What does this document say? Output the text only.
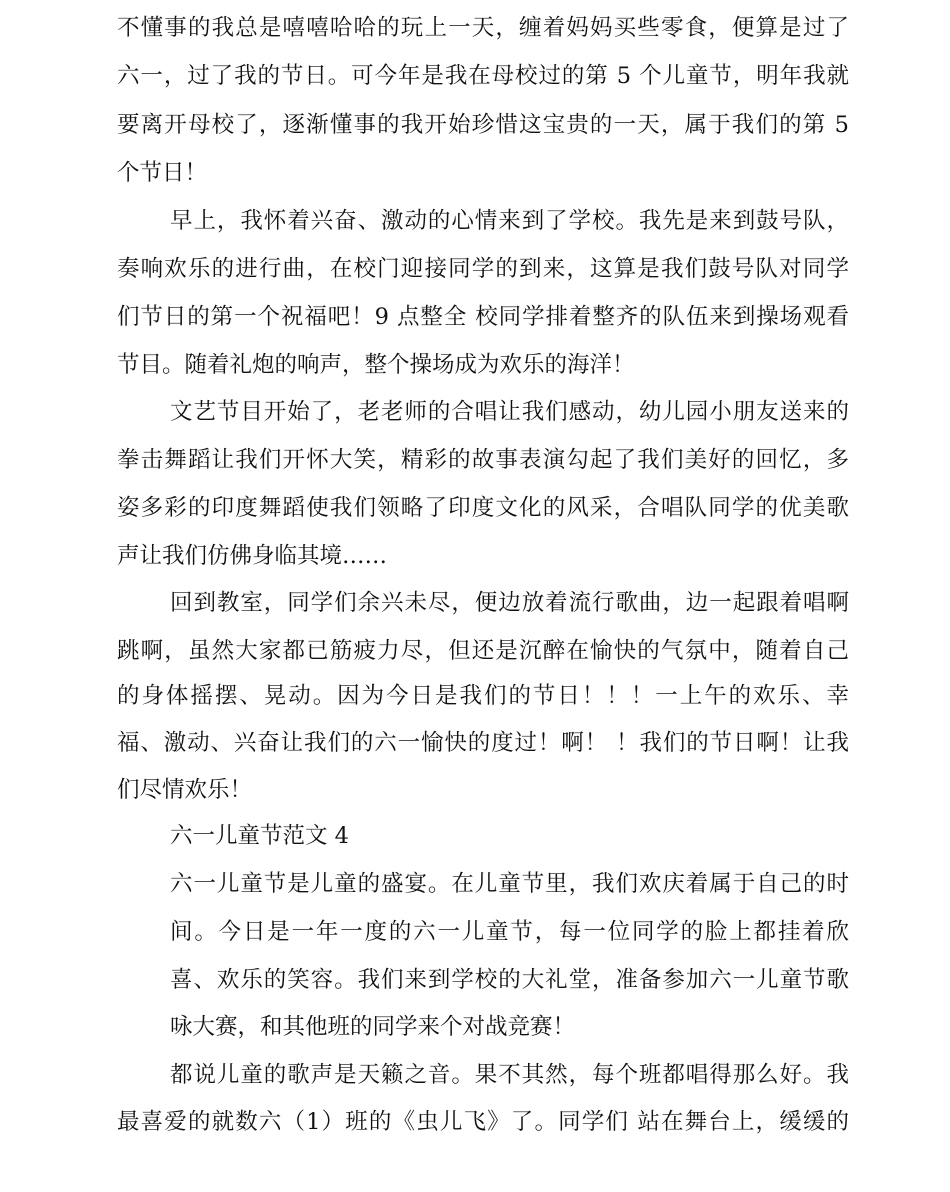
不懂事的我总是嘻嘻哈哈的玩上一天，缠着妈妈买些零食，便算是过了
六一，过了我的节日。可今年是我在母校过的第 5 个儿童节，明年我就
要离开母校了，逐渐懂事的我开始珍惜这宝贵的一天，属于我们的第 5
个节日！
早上，我怀着兴奋、激动的心情来到了学校。我先是来到鼓号队，
奏响欢乐的进行曲，在校门迎接同学的到来，这算是我们鼓号队对同学
们节日的第一个祝福吧！9 点整全 校同学排着整齐的队伍来到操场观看
节目。随着礼炮的响声，整个操场成为欢乐的海洋！
文艺节目开始了，老老师的合唱让我们感动，幼儿园小朋友送来的
拳击舞蹈让我们开怀大笑，精彩的故事表演勾起了我们美好的回忆，多
姿多彩的印度舞蹈使我们领略了印度文化的风采，合唱队同学的优美歌
声让我们仿佛身临其境……
回到教室，同学们余兴未尽，便边放着流行歌曲，边一起跟着唱啊
跳啊，虽然大家都已筋疲力尽，但还是沉醉在愉快的气氛中，随着自己
的身体摇摆、晃动。因为今日是我们的节日！！！一上午的欢乐、幸
福、激动、兴奋让我们的六一愉快的度过！啊！ ！我们的节日啊！让我
们尽情欢乐！
六一儿童节范文 4
六一儿童节是儿童的盛宴。在儿童节里，我们欢庆着属于自己的时
间。今日是一年一度的六一儿童节，每一位同学的脸上都挂着欣
喜、欢乐的笑容。我们来到学校的大礼堂，准备参加六一儿童节歌
咏大赛，和其他班的同学来个对战竞赛！
都说儿童的歌声是天籁之音。果不其然，每个班都唱得那么好。我
最喜爱的就数六（1）班的《虫儿飞》了。同学们 站在舞台上，缓缓的
